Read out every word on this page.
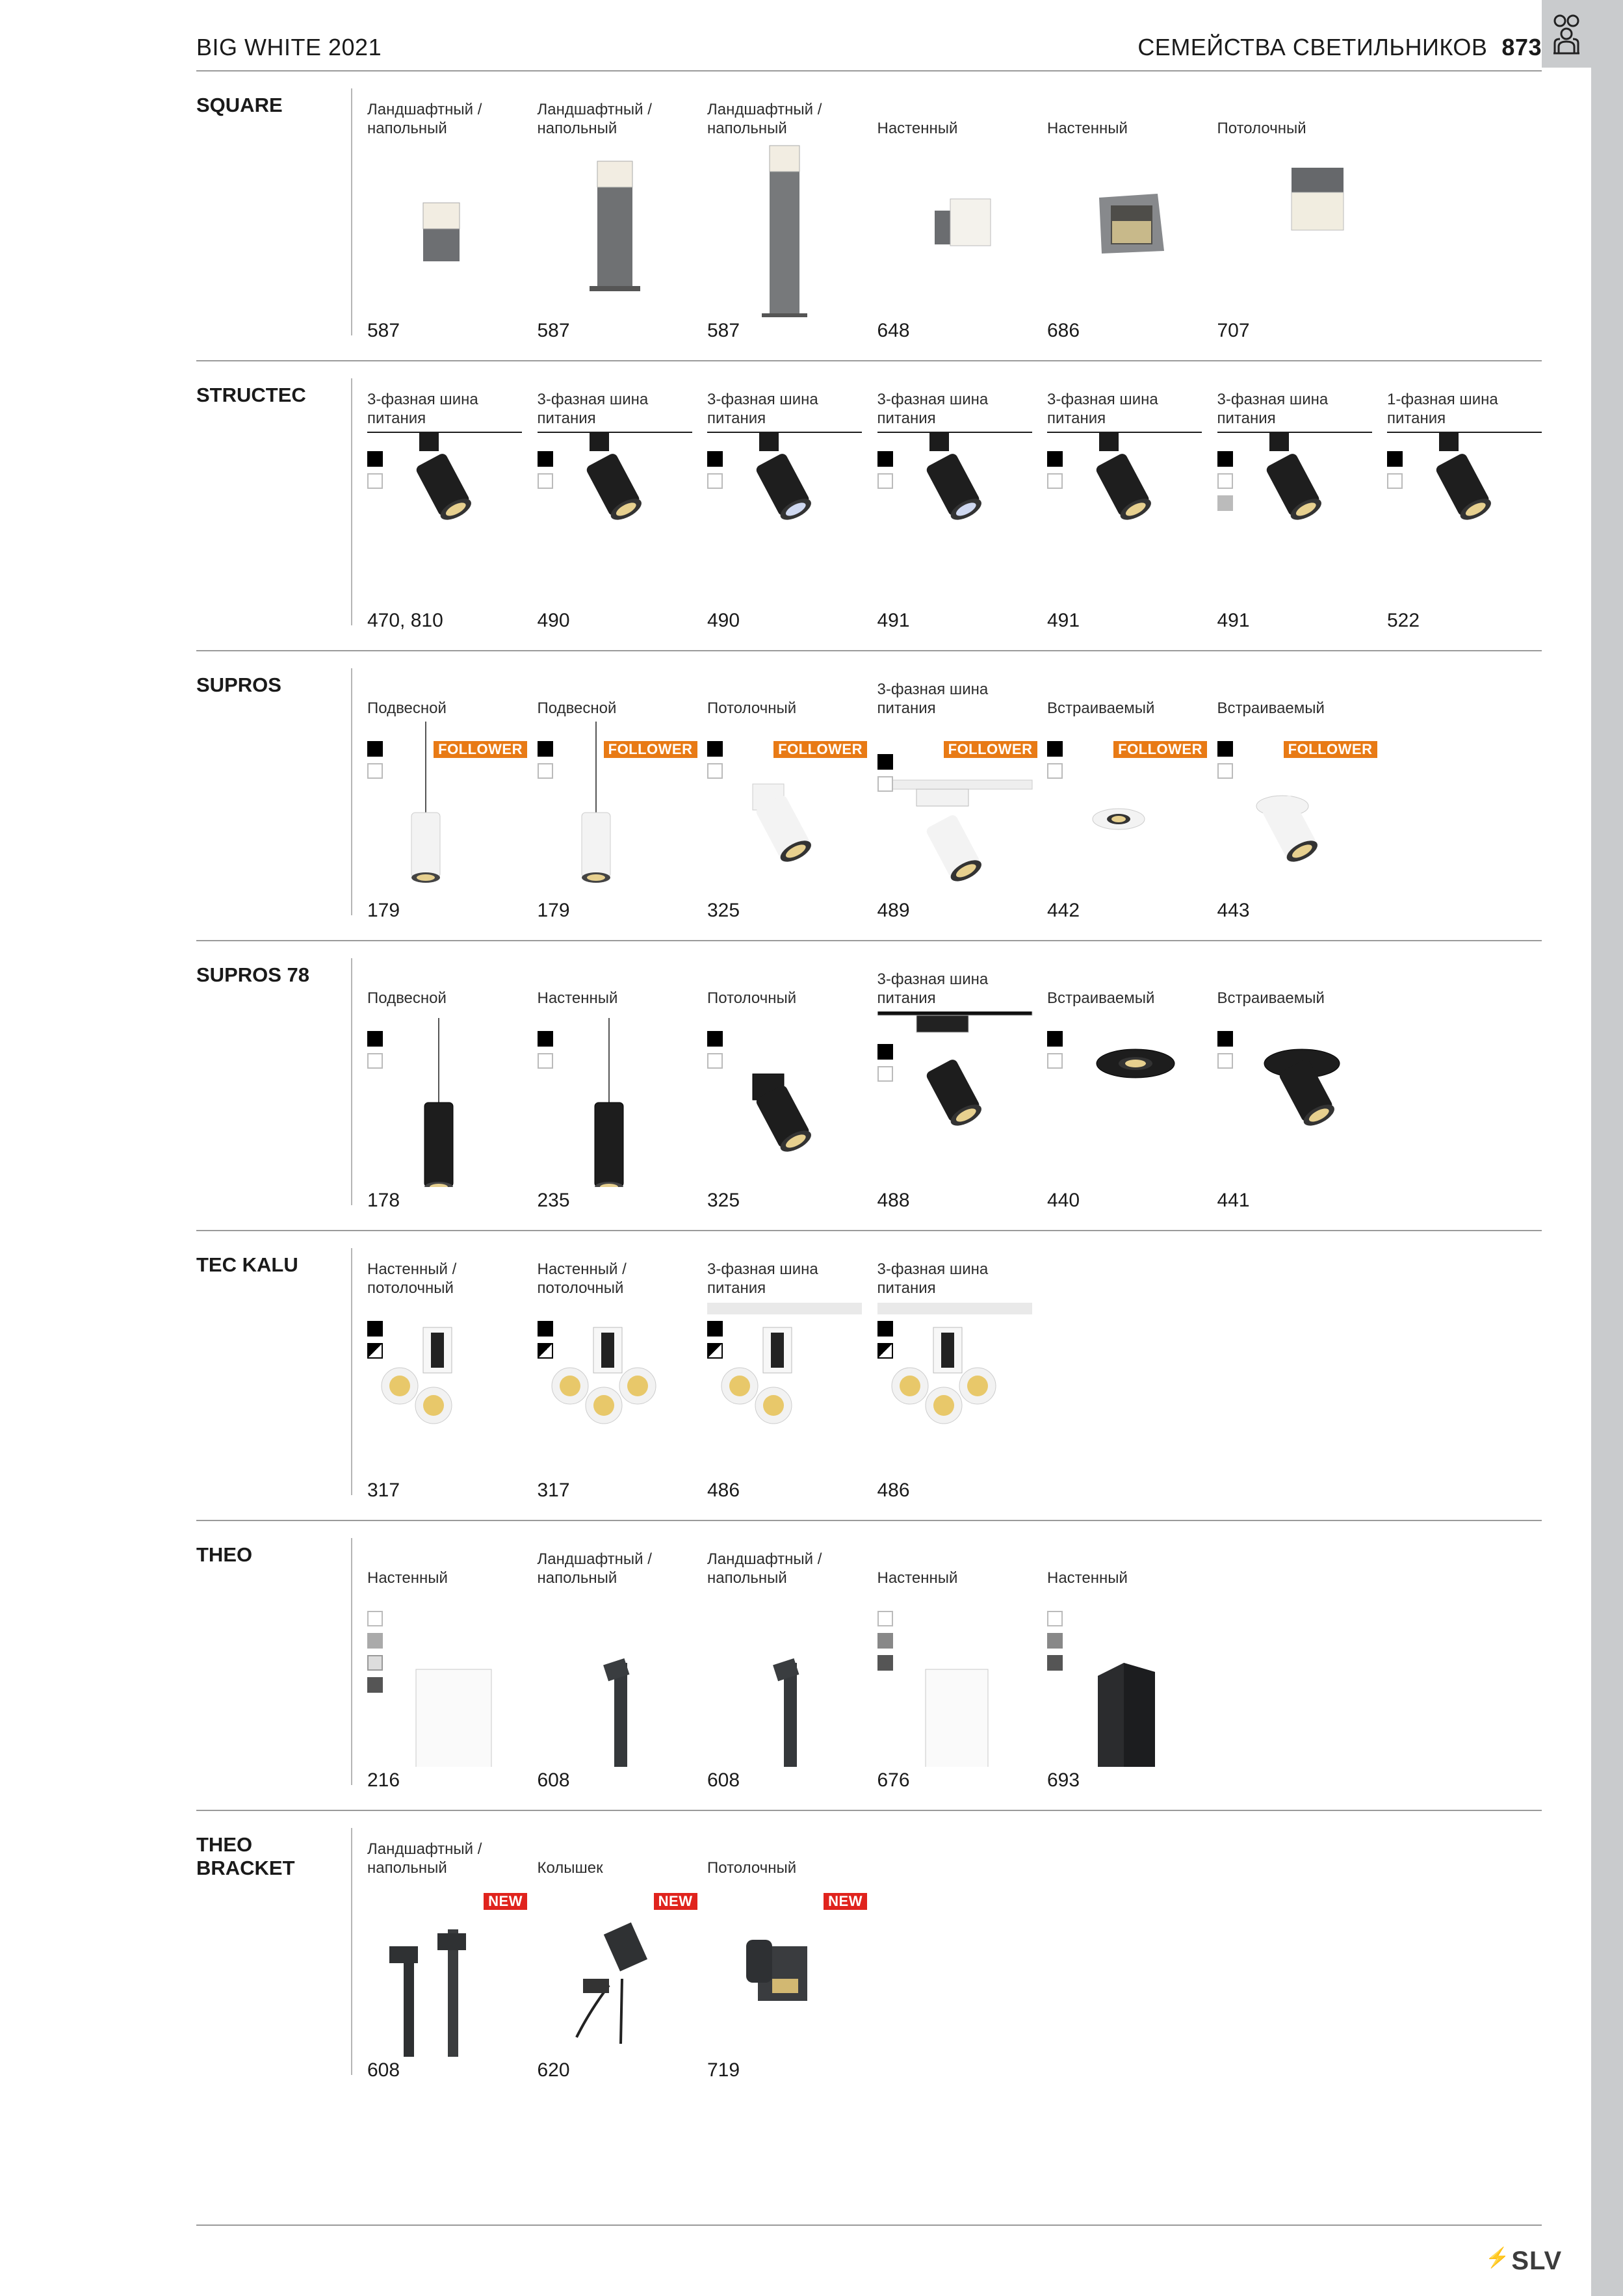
BIG WHITE 2021	СЕМЕЙСТВА СВЕТИЛЬНИКОВ 873
SQUARE	Ландшафтный /
напольный
587
Ландшафтный /
напольный
587
Ландшафтный /
напольный
587
Настенный
648
Настенный
686
Потолочный
707
STRUCTEC	3-фазная шина
питания
470, 810
3-фазная шина
питания
490
3-фазная шина
питания
490
3-фазная шина
питания
491
3-фазная шина
питания
491
3-фазная шина
питания
491
1-фазная шина
питания
522
SUPROS
Подвесной
FOLLOWER
179
Подвесной
FOLLOWER
179
Потолочный
FOLLOWER
325
3-фазная шина
питания
FOLLOWER
489
Встраиваемый
FOLLOWER
442
Встраиваемый
FOLLOWER
443
SUPROS 78
Подвесной
178
Настенный
235
Потолочный
325
3-фазная шина
питания
488
Встраиваемый
440
Встраиваемый
441
TEC KALU	Настенный /
потолочный
317
Настенный /
потолочный
317
3-фазная шина
питания
486
3-фазная шина
питания
486
THEO
Настенный
216
Ландшафтный /
напольный
608
Ландшафтный /
напольный
608
Настенный
676
Настенный
693
THEO
BRACKET
Ландшафтный /
напольный
NEW
608
Колышек
NEW
620
Потолочный
NEW
719
⚡SLV
